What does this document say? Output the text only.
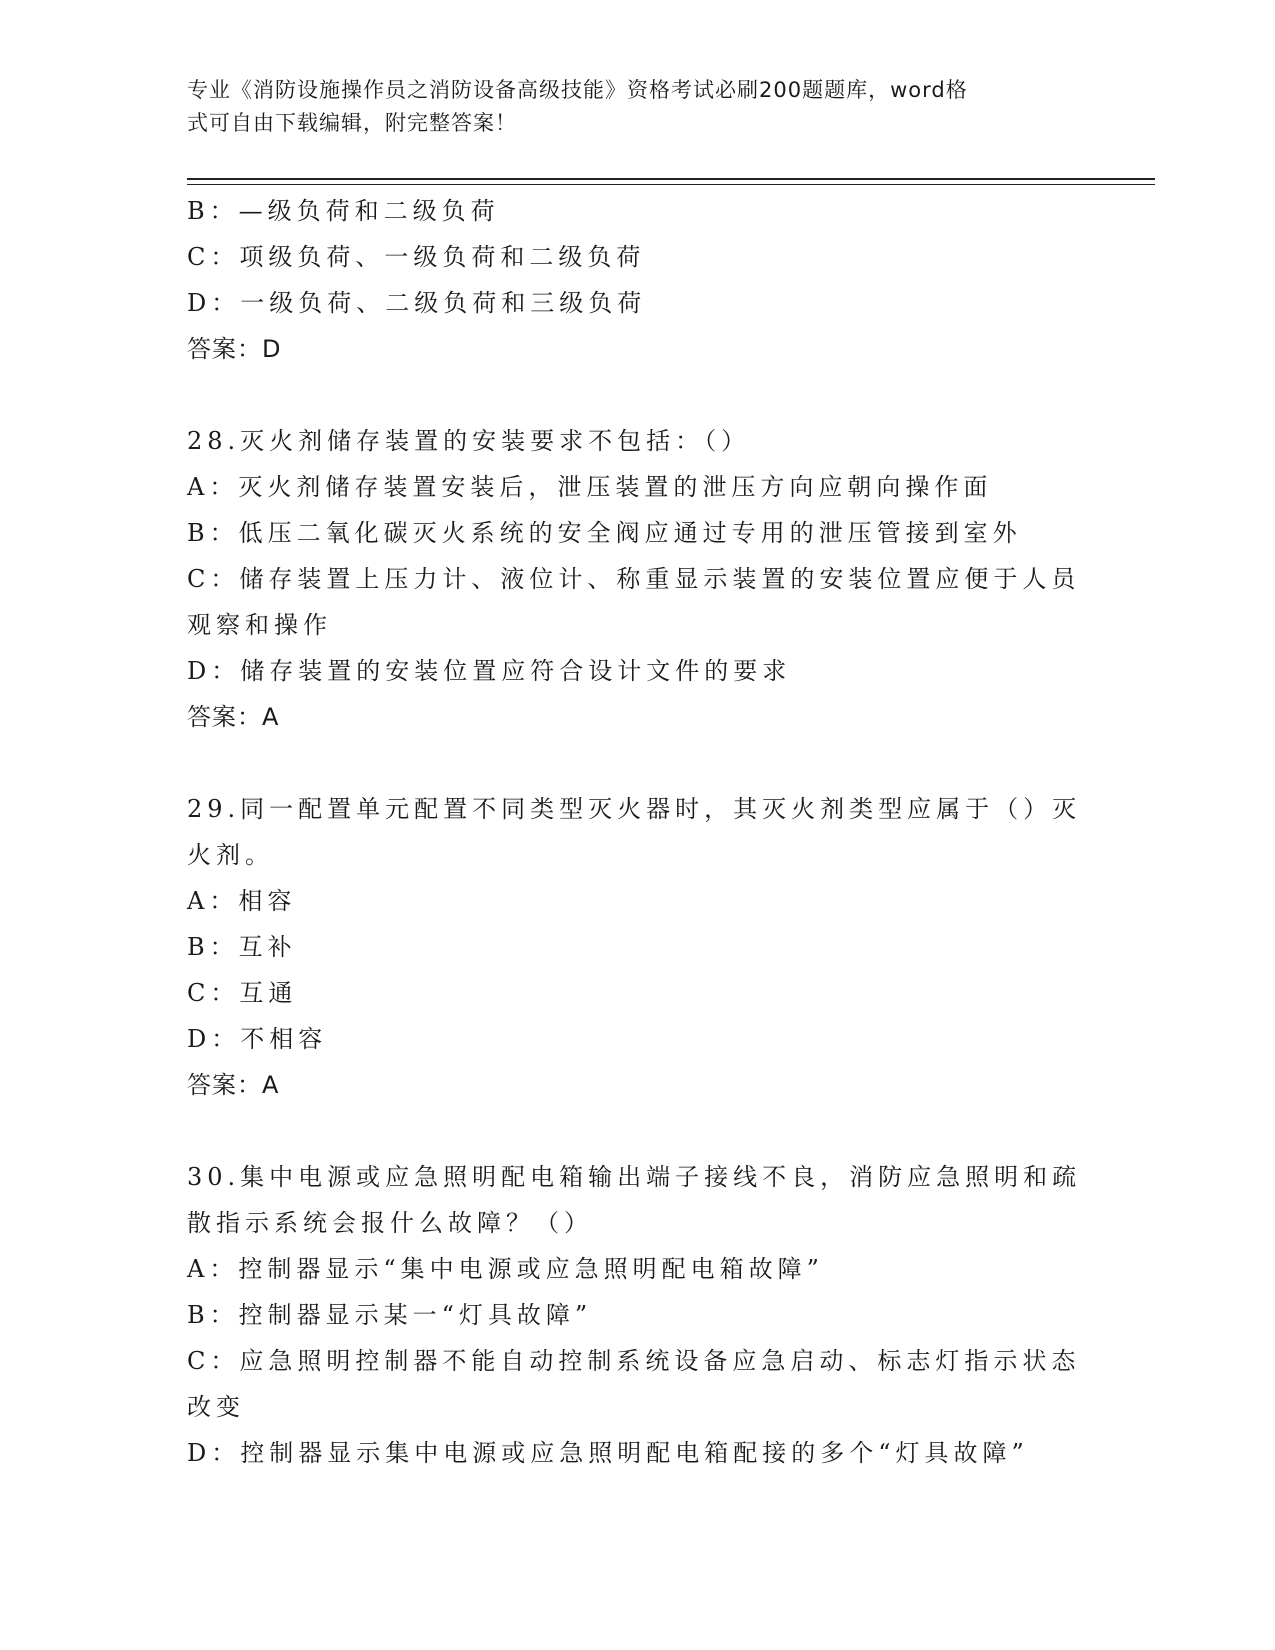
专业《消防设施操作员之消防设备高级技能》资格考试必刷200题题库，word格
式可自由下载编辑，附完整答案！
B：—级负荷和二级负荷
C：项级负荷、一级负荷和二级负荷
D：一级负荷、二级负荷和三级负荷
答案：D
28.灭火剂储存装置的安装要求不包括：（）
A：灭火剂储存装置安装后，泄压装置的泄压方向应朝向操作面
B：低压二氧化碳灭火系统的安全阀应通过专用的泄压管接到室外
C：储存装置上压力计、液位计、称重显示装置的安装位置应便于人员
观察和操作
D：储存装置的安装位置应符合设计文件的要求
答案：A
29.同一配置单元配置不同类型灭火器时，其灭火剂类型应属于（）灭
火剂。
A：相容
B：互补
C：互通
D：不相容
答案：A
30.集中电源或应急照明配电箱输出端子接线不良，消防应急照明和疏
散指示系统会报什么故障？（）
A：控制器显示“集中电源或应急照明配电箱故障”
B：控制器显示某一“灯具故障”
C：应急照明控制器不能自动控制系统设备应急启动、标志灯指示状态
改变
D：控制器显示集中电源或应急照明配电箱配接的多个“灯具故障”
